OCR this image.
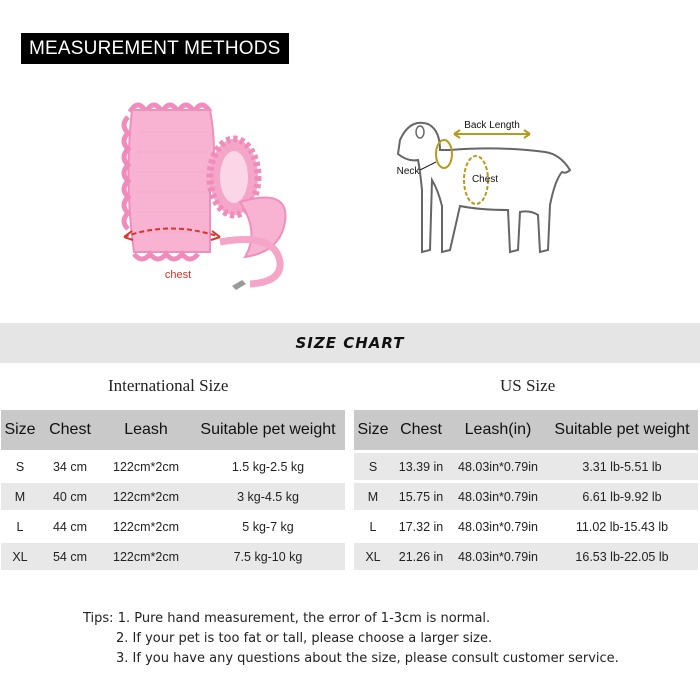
MEASUREMENT METHODS
chest
Back Length
Neck
Chest
SIZE CHART
International Size
Size	Chest	Leash	Suitable pet weight
S	34 cm	122cm*2cm	1.5 kg-2.5 kg
M	40 cm	122cm*2cm	3 kg-4.5 kg
L	44 cm	122cm*2cm	5 kg-7 kg
XL	54 cm	122cm*2cm	7.5 kg-10 kg
US Size
Size	Chest	Leash(in)	Suitable pet weight
S	13.39 in	48.03in*0.79in	3.31 lb-5.51 lb
M	15.75 in	48.03in*0.79in	6.61 lb-9.92 lb
L	17.32 in	48.03in*0.79in	11.02 lb-15.43 lb
XL	21.26 in	48.03in*0.79in	16.53 lb-22.05 lb
Tips: 1. Pure hand measurement, the error of 1-3cm is normal.
2. If your pet is too fat or tall, please choose a larger size.
3. If you have any questions about the size, please consult customer service.
